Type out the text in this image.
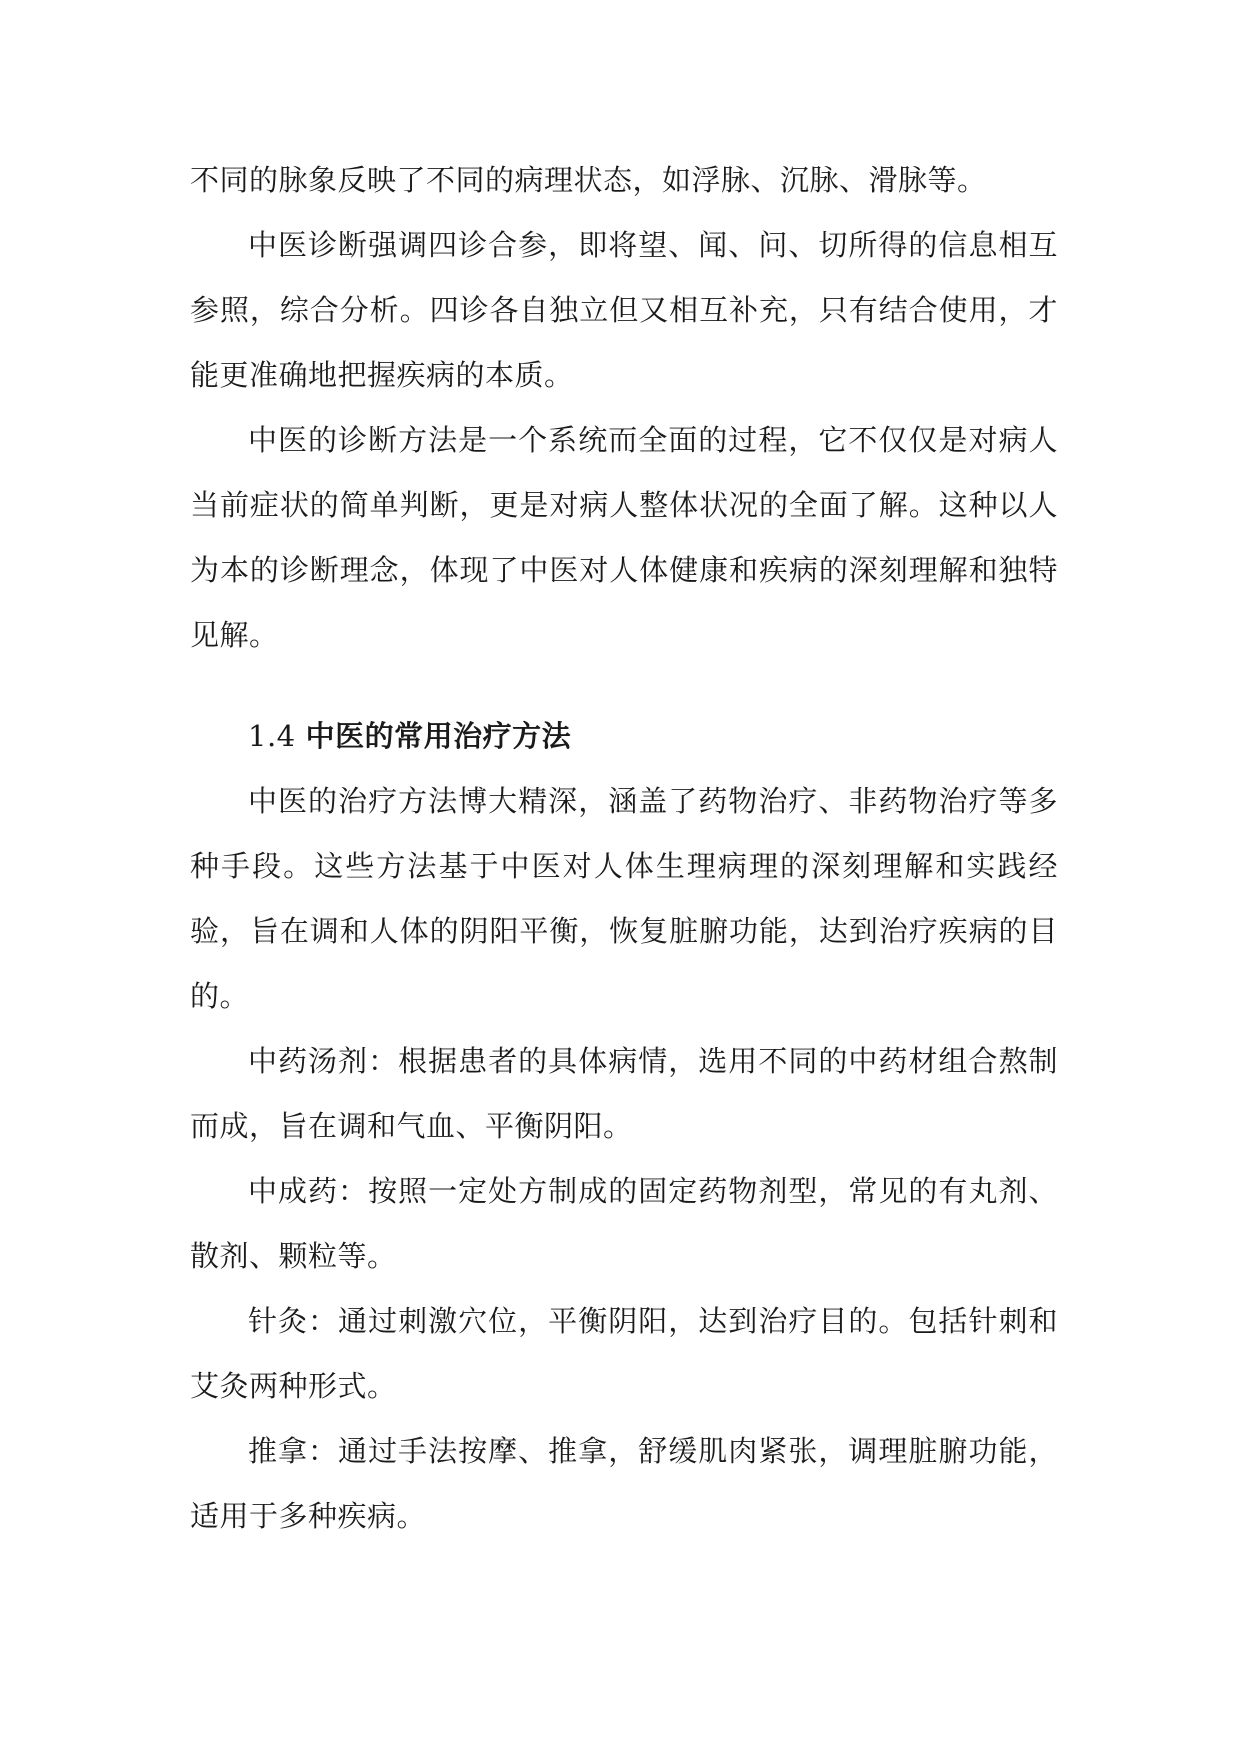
不同的脉象反映了不同的病理状态，如浮脉、沉脉、滑脉等。

中医诊断强调四诊合参，即将望、闻、问、切所得的信息相互参照，综合分析。四诊各自独立但又相互补充，只有结合使用，才能更准确地把握疾病的本质。

中医的诊断方法是一个系统而全面的过程，它不仅仅是对病人当前症状的简单判断，更是对病人整体状况的全面了解。这种以人为本的诊断理念，体现了中医对人体健康和疾病的深刻理解和独特见解。

1.4 中医的常用治疗方法

中医的治疗方法博大精深，涵盖了药物治疗、非药物治疗等多种手段。这些方法基于中医对人体生理病理的深刻理解和实践经验，旨在调和人体的阴阳平衡，恢复脏腑功能，达到治疗疾病的目的。

中药汤剂：根据患者的具体病情，选用不同的中药材组合熬制而成，旨在调和气血、平衡阴阳。

中成药：按照一定处方制成的固定药物剂型，常见的有丸剂、散剂、颗粒等。

针灸：通过刺激穴位，平衡阴阳，达到治疗目的。包括针刺和艾灸两种形式。

推拿：通过手法按摩、推拿，舒缓肌肉紧张，调理脏腑功能，适用于多种疾病。
